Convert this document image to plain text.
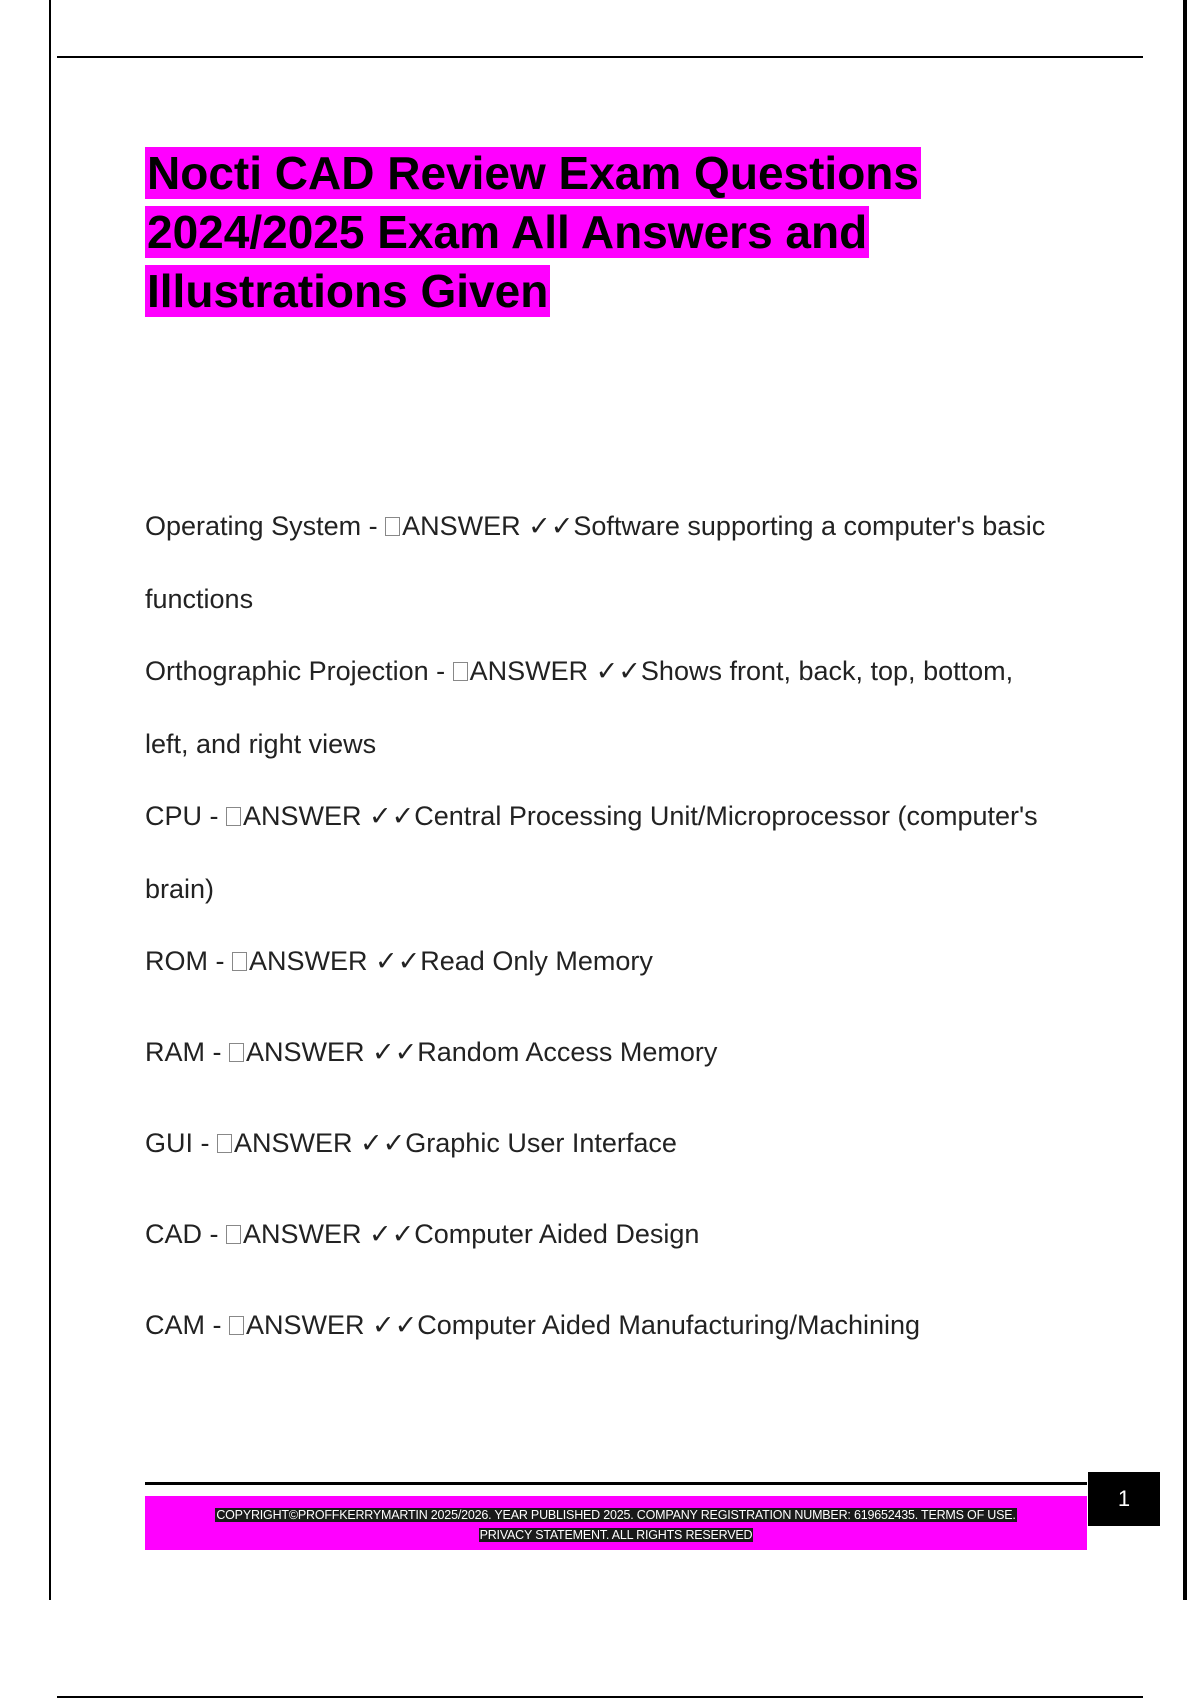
Nocti CAD Review Exam Questions
2024/2025 Exam All Answers and
Illustrations Given

Operating System - ANSWER ✓✓Software supporting a computer's basic
functions

Orthographic Projection - ANSWER ✓✓Shows front, back, top, bottom,
left, and right views

CPU - ANSWER ✓✓Central Processing Unit/Microprocessor (computer's
brain)

ROM - ANSWER ✓✓Read Only Memory

RAM - ANSWER ✓✓Random Access Memory

GUI - ANSWER ✓✓Graphic User Interface

CAD - ANSWER ✓✓Computer Aided Design

CAM - ANSWER ✓✓Computer Aided Manufacturing/Machining

COPYRIGHT©PROFFKERRYMARTIN 2025/2026. YEAR PUBLISHED 2025. COMPANY REGISTRATION NUMBER: 619652435. TERMS OF USE.
PRIVACY STATEMENT. ALL RIGHTS RESERVED
1
